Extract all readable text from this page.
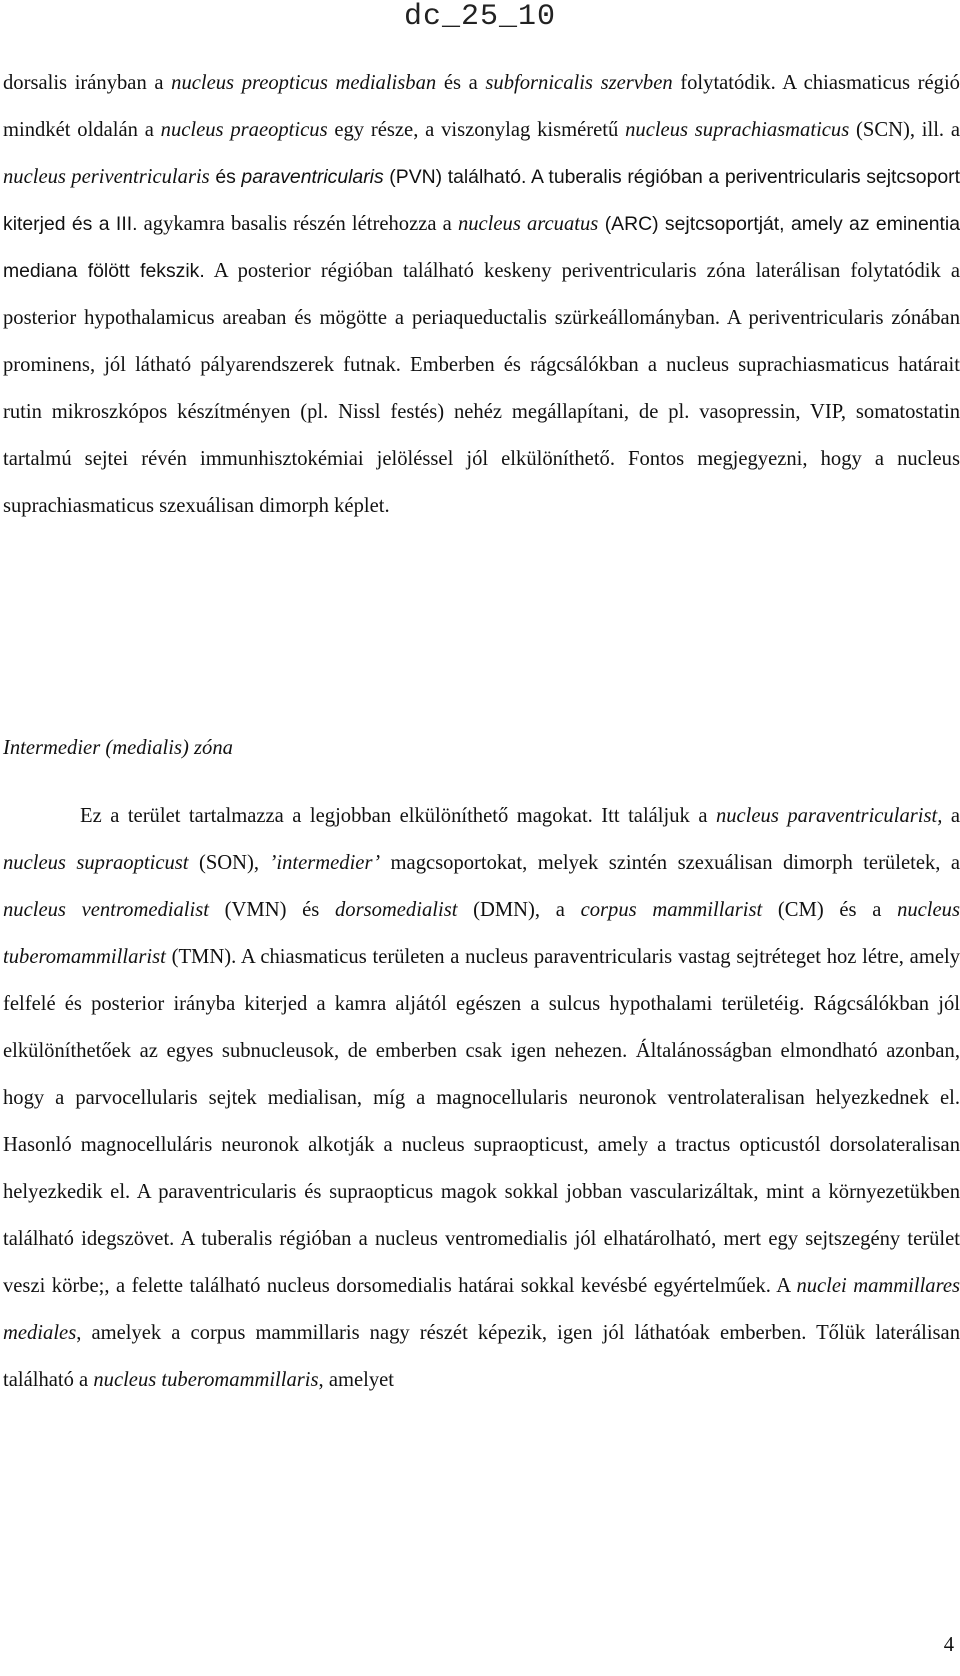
dc_25_10

dorsalis irányban a nucleus preopticus medialisban és a subfornicalis szervben folytatódik. A chiasmaticus régió mindkét oldalán a nucleus praeopticus egy része, a viszonylag kisméretű nucleus suprachiasmaticus (SCN), ill. a nucleus periventricularis és paraventricularis (PVN) található. A tuberalis régióban a periventricularis sejtcsoport kiterjed és a III. agykamra basalis részén létrehozza a nucleus arcuatus (ARC) sejtcsoportját, amely az eminentia mediana fölött fekszik. A posterior régióban található keskeny periventricularis zóna laterálisan folytatódik a posterior hypothalamicus areaban és mögötte a periaqueductalis szürkeállományban. A periventricularis zónában prominens, jól látható pályarendszerek futnak. Emberben és rágcsálókban a nucleus suprachiasmaticus határait rutin mikroszkópos készítményen (pl. Nissl festés) nehéz megállapítani, de pl. vasopressin, VIP, somatostatin tartalmú sejtei révén immunhisztokémiai jelöléssel jól elkülöníthető. Fontos megjegyezni, hogy a nucleus suprachiasmaticus szexuálisan dimorph képlet.

Intermedier (medialis) zóna

Ez a terület tartalmazza a legjobban elkülöníthető magokat. Itt találjuk a nucleus paraventricularist, a nucleus supraopticust (SON), ’intermedier’ magcsoportokat, melyek szintén szexuálisan dimorph területek, a nucleus ventromedialist (VMN) és dorsomedialist (DMN), a corpus mammillarist (CM) és a nucleus tuberomammillarist (TMN). A chiasmaticus területen a nucleus paraventricularis vastag sejtréteget hoz létre, amely felfelé és posterior irányba kiterjed a kamra aljától egészen a sulcus hypothalami területéig. Rágcsálókban jól elkülöníthetőek az egyes subnucleusok, de emberben csak igen nehezen. Általánosságban elmondható azonban, hogy a parvocellularis sejtek medialisan, míg a magnocellularis neuronok ventrolateralisan helyezkednek el. Hasonló magnocelluláris neuronok alkotják a nucleus supraopticust, amely a tractus opticustól dorsolateralisan helyezkedik el. A paraventricularis és supraopticus magok sokkal jobban vascularizáltak, mint a környezetükben található idegszövet. A tuberalis régióban a nucleus ventromedialis jól elhatárolható, mert egy sejtszegény terület veszi körbe;, a felette található nucleus dorsomedialis határai sokkal kevésbé egyértelműek. A nuclei mammillares mediales, amelyek a corpus mammillaris nagy részét képezik, igen jól láthatóak emberben. Tőlük laterálisan található a nucleus tuberomammillaris, amelyet

4
